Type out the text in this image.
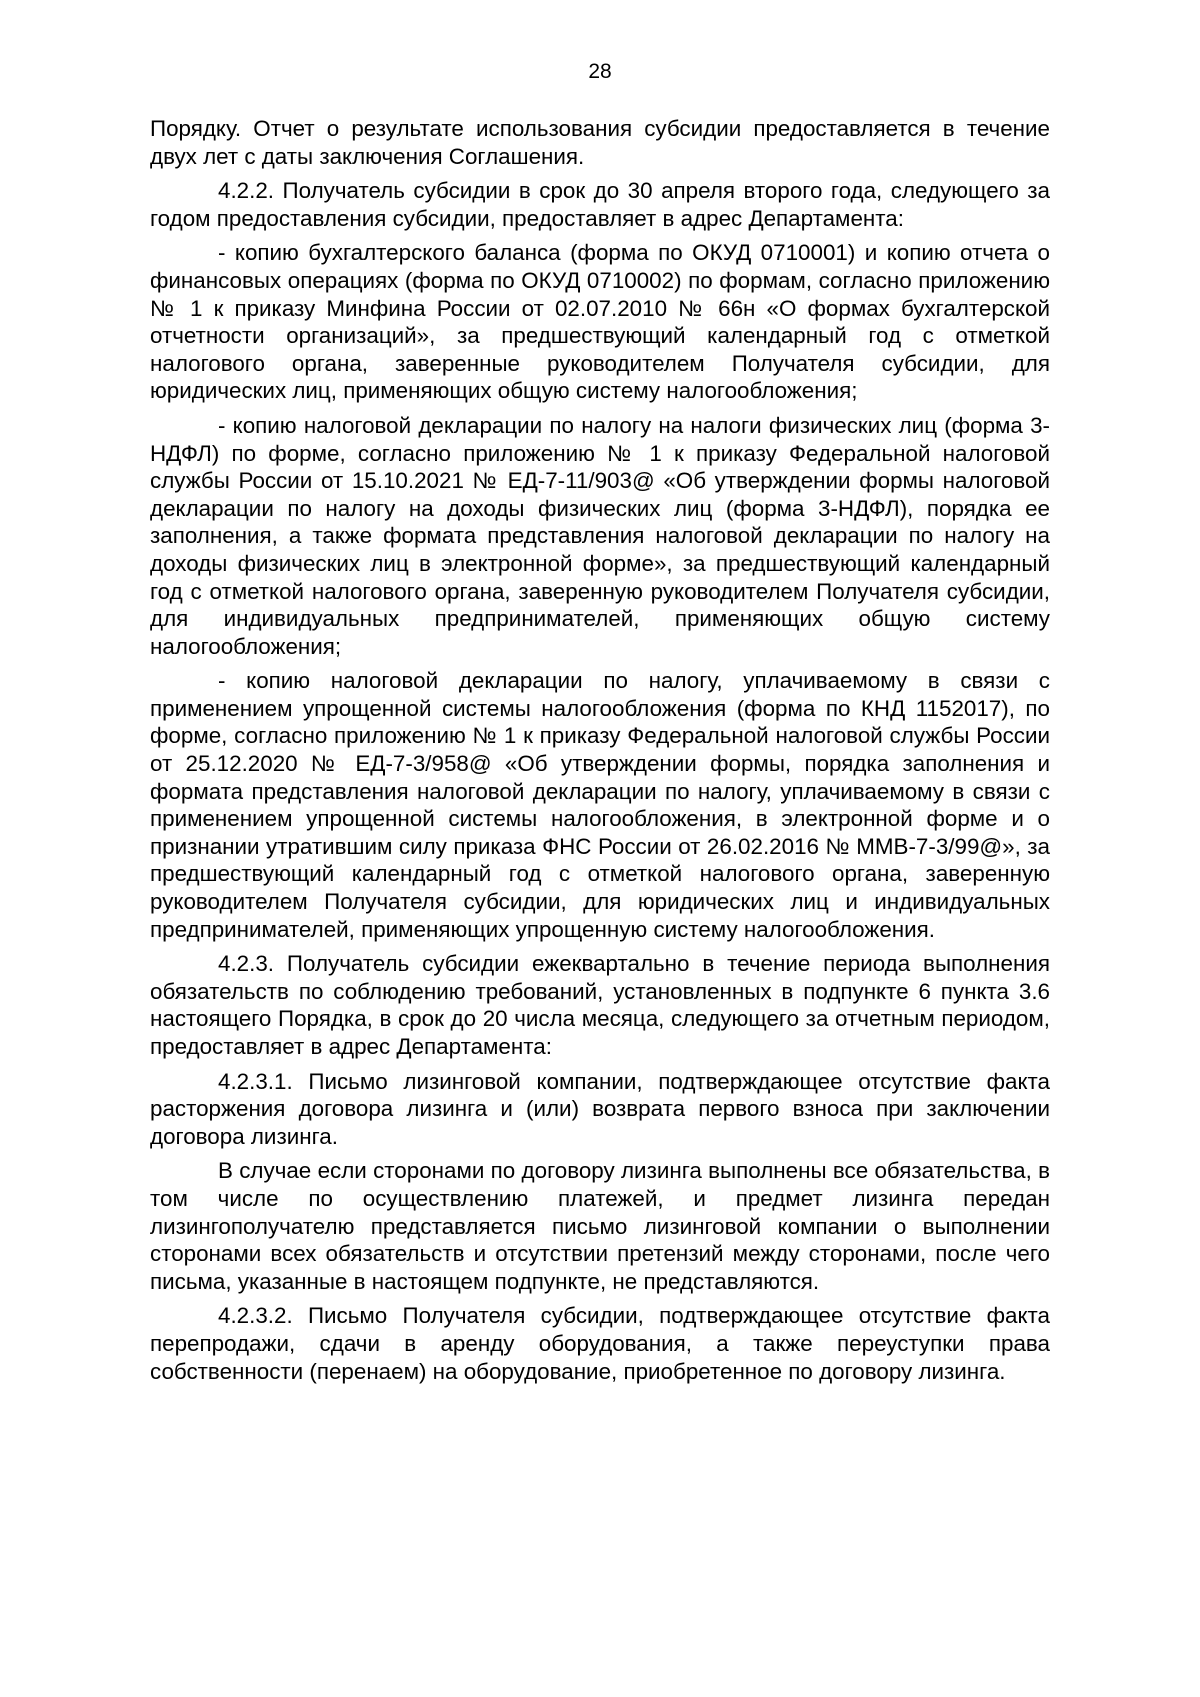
28

Порядку. Отчет о результате использования субсидии предоставляется в течение двух лет с даты заключения Соглашения.

4.2.2. Получатель субсидии в срок до 30 апреля второго года, следующего за годом предоставления субсидии, предоставляет в адрес Департамента:

- копию бухгалтерского баланса (форма по ОКУД 0710001) и копию отчета о финансовых операциях (форма по ОКУД 0710002) по формам, согласно приложению № 1 к приказу Минфина России от 02.07.2010 № 66н «О формах бухгалтерской отчетности организаций», за предшествующий календарный год с отметкой налогового органа, заверенные руководителем Получателя субсидии, для юридических лиц, применяющих общую систему налогообложения;

- копию налоговой декларации по налогу на налоги физических лиц (форма 3-НДФЛ) по форме, согласно приложению № 1 к приказу Федеральной налоговой службы России от 15.10.2021 № ЕД-7-11/903@ «Об утверждении формы налоговой декларации по налогу на доходы физических лиц (форма 3-НДФЛ), порядка ее заполнения, а также формата представления налоговой декларации по налогу на доходы физических лиц в электронной форме», за предшествующий календарный год с отметкой налогового органа, заверенную руководителем Получателя субсидии, для индивидуальных предпринимателей, применяющих общую систему налогообложения;

- копию налоговой декларации по налогу, уплачиваемому в связи с применением упрощенной системы налогообложения (форма по КНД 1152017), по форме, согласно приложению № 1 к приказу Федеральной налоговой службы России от 25.12.2020 № ЕД-7-3/958@ «Об утверждении формы, порядка заполнения и формата представления налоговой декларации по налогу, уплачиваемому в связи с применением упрощенной системы налогообложения, в электронной форме и о признании утратившим силу приказа ФНС России от 26.02.2016 № ММВ-7-3/99@», за предшествующий календарный год с отметкой налогового органа, заверенную руководителем Получателя субсидии, для юридических лиц и индивидуальных предпринимателей, применяющих упрощенную систему налогообложения.

4.2.3. Получатель субсидии ежеквартально в течение периода выполнения обязательств по соблюдению требований, установленных в подпункте 6 пункта 3.6 настоящего Порядка, в срок до 20 числа месяца, следующего за отчетным периодом, предоставляет в адрес Департамента:

4.2.3.1. Письмо лизинговой компании, подтверждающее отсутствие факта расторжения договора лизинга и (или) возврата первого взноса при заключении договора лизинга.

В случае если сторонами по договору лизинга выполнены все обязательства, в том числе по осуществлению платежей, и предмет лизинга передан лизингополучателю представляется письмо лизинговой компании о выполнении сторонами всех обязательств и отсутствии претензий между сторонами, после чего письма, указанные в настоящем подпункте, не представляются.

4.2.3.2. Письмо Получателя субсидии, подтверждающее отсутствие факта перепродажи, сдачи в аренду оборудования, а также переуступки права собственности (перенаем) на оборудование, приобретенное по договору лизинга.
